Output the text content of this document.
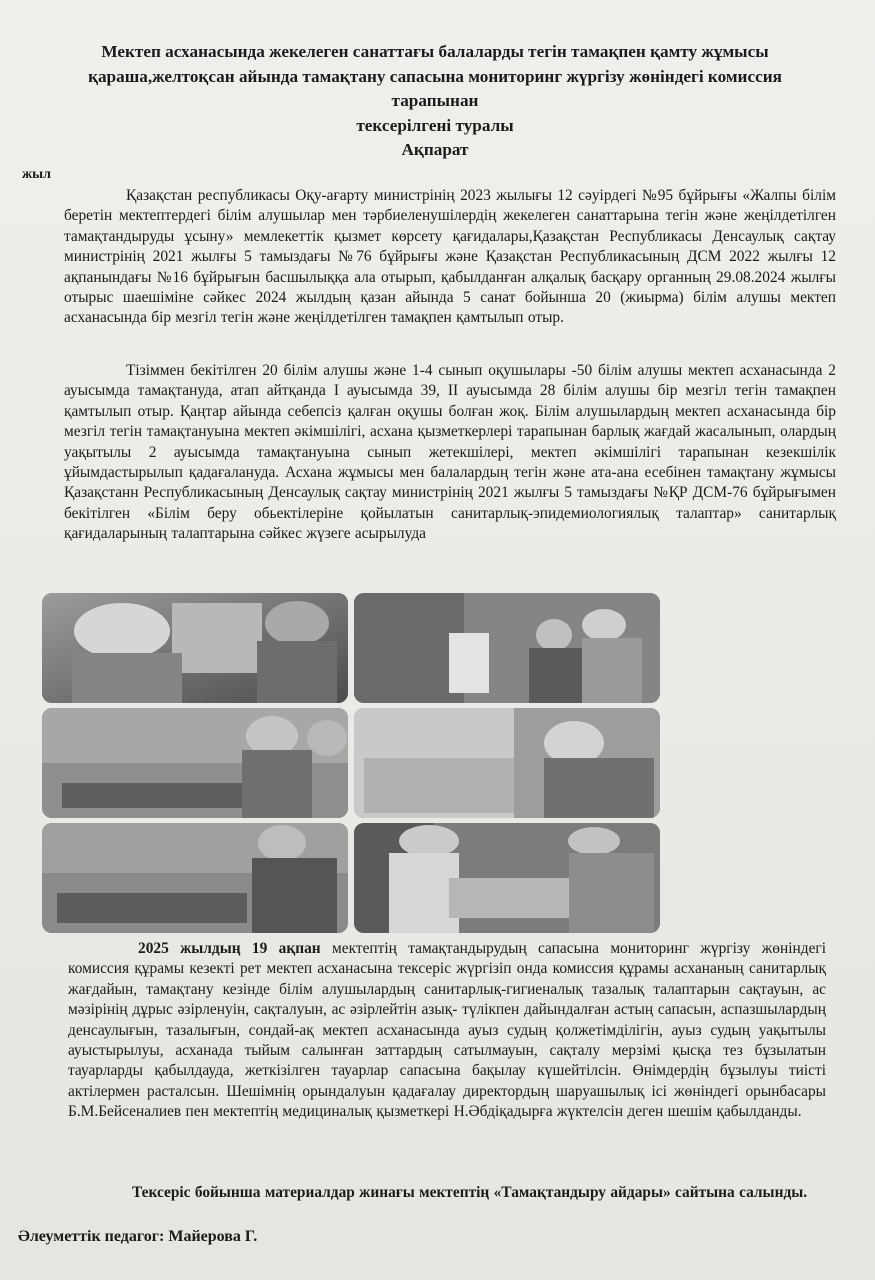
Мектеп асханасында жекелеген санаттағы балаларды тегін тамақпен қамту жұмысы
қараша,желтоқсан айында тамақтану сапасына мониторинг жүргізу жөніндегі комиссия
тарапынан
тексерілгені туралы
Ақпарат
жыл
Қазақстан республикасы Оқу-ағарту министрінің 2023 жылығы 12 сәуірдегі №95 бұйрығы «Жалпы білім беретін мектептердегі білім алушылар мен тәрбиеленушілердің жекелеген санаттарына тегін және жеңілдетілген тамақтандыруды ұсыну» мемлекеттік қызмет көрсету қағидалары,Қазақстан Республикасы Денсаулық сақтау министрінің 2021 жылғы 5 тамыздағы №76 бұйрығы және Қазақстан Республикасының ДСМ 2022 жылғы 12 ақпанындағы №16 бұйрығын басшылыққа ала отырып, қабылданған алқалық басқару органның 29.08.2024 жылғы отырыс шаешіміне сәйкес 2024 жылдың қазан айында 5 санат бойынша 20 (жиырма) білім алушы мектеп асханасында бір мезгіл тегін және жеңілдетілген тамақпен қамтылып отыр.
Тізіммен бекітілген 20 білім алушы және 1-4 сынып оқушылары -50 білім алушы мектеп асханасында 2 ауысымда тамақтануда, атап айтқанда I ауысымда 39, II ауысымда 28 білім алушы бір мезгіл тегін тамақпен қамтылып отыр. Қаңтар айында себепсіз қалған оқушы болған жоқ. Білім алушылардың мектеп асханасында бір мезгіл тегін тамақтануына мектеп әкімшілігі, асхана қызметкерлері тарапынан барлық жағдай жасалынып, олардың уақытылы 2 ауысымда тамақтануына сынып жетекшілері, мектеп әкімшілігі тарапынан кезекшілік ұйымдастырылып қадағалануда. Асхана жұмысы мен балалардың тегін және ата-ана есебінен тамақтану жұмысы Қазақстанн Республикасының Денсаулық сақтау министрінің 2021 жылғы 5 тамыздағы №ҚР ДСМ-76 бұйрығымен бекітілген «Білім беру обьектілеріне қойылатын санитарлық-эпидемиологиялық талаптар» санитарлық қағидаларының талаптарына сәйкес жүзеге асырылуда
2025 жылдың 19 ақпан мектептің тамақтандырудың сапасына мониторинг жүргізу жөніндегі комиссия құрамы кезекті рет мектеп асханасына тексеріс жүргізіп онда комиссия құрамы асхананың санитарлық жағдайын, тамақтану кезінде білім алушылардың санитарлық-гигиеналық тазалық талаптарын сақтауын, ас мәзірінің дұрыс әзірленуін, сақталуын, ас әзірлейтін азық- түлікпен дайындалған астың сапасын, аспазшылардың денсаулығын, тазалығын, сондай-ақ мектеп асханасында ауыз судың қолжетімділігін, ауыз судың уақытылы ауыстырылуы, асханада тыйым салынған заттардың сатылмауын, сақталу мерзімі қысқа тез бұзылатын тауарларды қабылдауда, жеткізілген тауарлар сапасына бақылау күшейтілсін. Өнімдердің бұзылуы тиісті актілермен расталсын. Шешімнің орындалуын қадағалау директордың шаруашылық ісі жөніндегі орынбасары Б.М.Бейсеналиев пен мектептің медициналық қызметкері Н.Әбдіқадырға жүктелсін деген шешім қабылданды.
Тексеріс бойынша материалдар жинағы мектептің «Тамақтандыру айдары» сайтына салынды.
Әлеуметтік педагог: Майерова Г.
